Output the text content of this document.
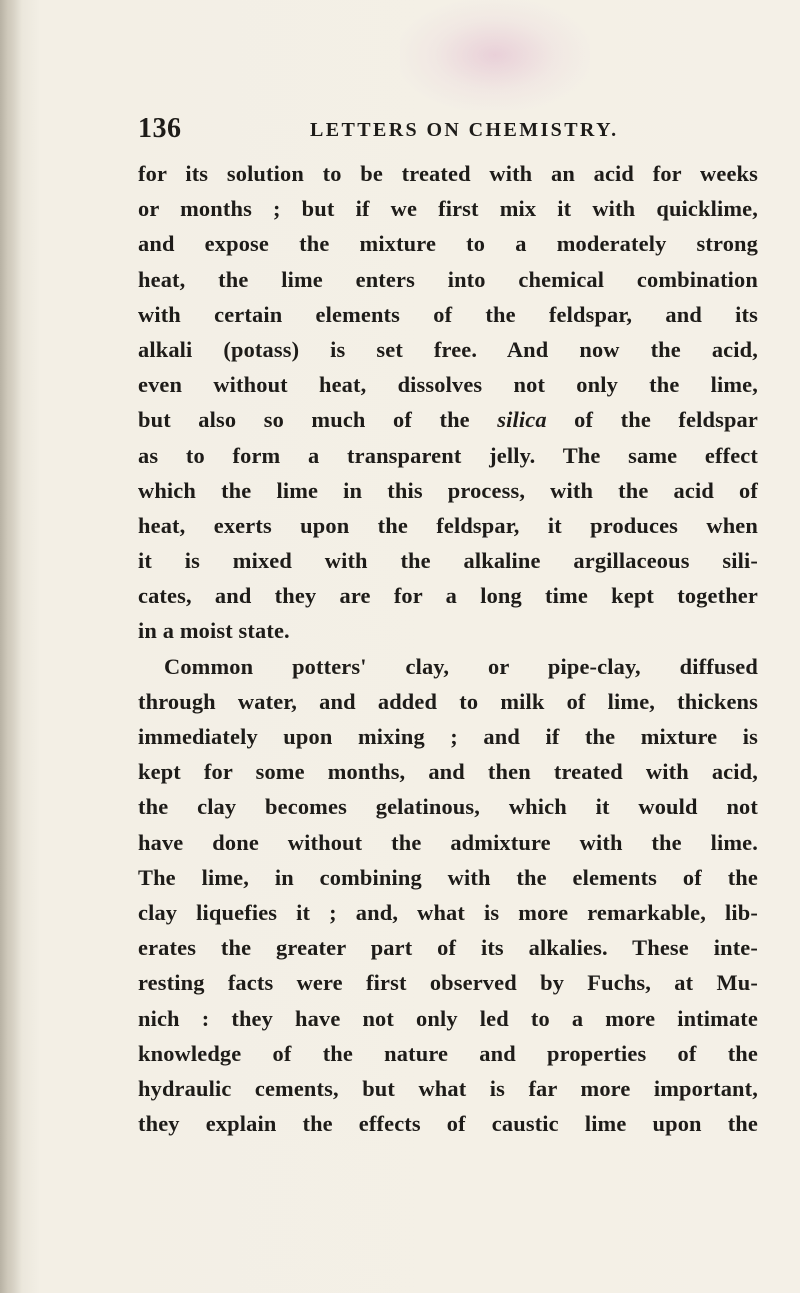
136	LETTERS ON CHEMISTRY.
for its solution to be treated with an acid for weeks
or months ; but if we first mix it with quicklime,
and expose the mixture to a moderately strong
heat, the lime enters into chemical combination
with certain elements of the feldspar, and its
alkali (potass) is set free. And now the acid,
even without heat, dissolves not only the lime,
but also so much of the silica of the feldspar
as to form a transparent jelly. The same effect
which the lime in this process, with the acid of
heat, exerts upon the feldspar, it produces when
it is mixed with the alkaline argillaceous sili-
cates, and they are for a long time kept together
in a moist state.
Common potters' clay, or pipe-clay, diffused
through water, and added to milk of lime, thickens
immediately upon mixing ; and if the mixture is
kept for some months, and then treated with acid,
the clay becomes gelatinous, which it would not
have done without the admixture with the lime.
The lime, in combining with the elements of the
clay liquefies it ; and, what is more remarkable, lib-
erates the greater part of its alkalies. These inte-
resting facts were first observed by Fuchs, at Mu-
nich : they have not only led to a more intimate
knowledge of the nature and properties of the
hydraulic cements, but what is far more important,
they explain the effects of caustic lime upon the
